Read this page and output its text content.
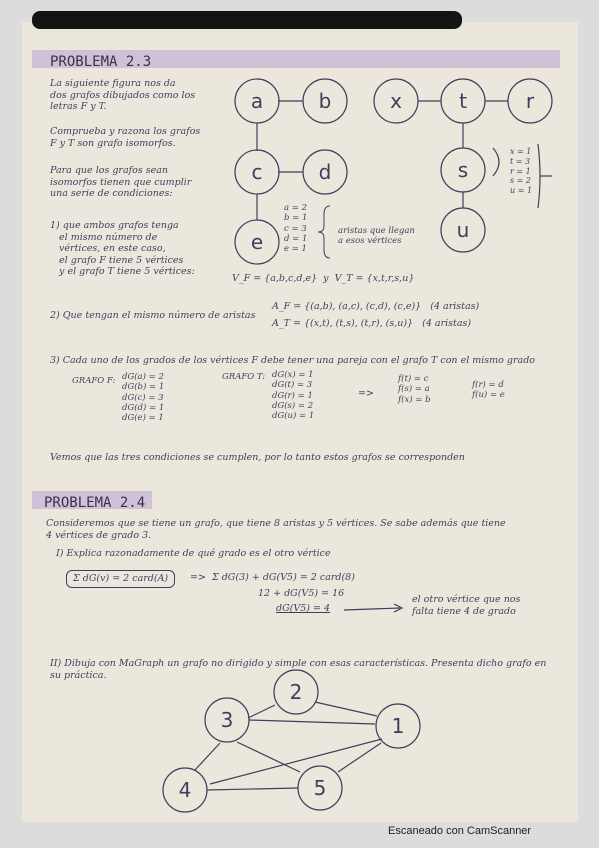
PROBLEMA 2.3
La siguiente figura nos da
dos grafos dibujados como los
letras F y T.
Comprueba y razona los grafos
F y T son grafo isomorfos.
Para que los grafos sean
isomorfos tienen que cumplir
una serie de condiciones:
1) que ambos grafos tenga
el mismo número de
vértices, en este caso,
el grafo F tiene 5 vértices
y el grafo T tiene 5 vértices:
V_F = {a,b,c,d,e}  y  V_T = {x,t,r,s,u}
a = 2
b = 1
c = 3
d = 1
e = 1
aristas que llegan
a esos vértices
x = 1
t = 3
r = 1
s = 2
u = 1
a	b
c	d
e
x	t	r
s
u
2) Que tengan el mismo número de aristas
A_F = {(a,b), (a,c), (c,d), (c,e)}   (4 aristas)
A_T = {(x,t), (t,s), (t,r), (s,u)}   (4 aristas)
3) Cada uno de los grados de los vértices F debe tener una pareja con el grafo T con el mismo grado
GRAFO F: dG(a) = 2
dG(b) = 1
dG(c) = 3
dG(d) = 1
dG(e) = 1
GRAFO T: dG(x) = 1
dG(t) = 3
dG(r) = 1
dG(s) = 2
dG(u) = 1
=>
f(t) = c
f(s) = a
f(x) = b
f(r) = d
f(u) = e
Vemos que las tres condiciones se cumplen, por lo tanto estos grafos se corresponden
PROBLEMA 2.4
Consideremos que se tiene un grafo, que tiene 8 aristas y 5 vértices. Se sabe además que tiene
4 vértices de grado 3.
I) Explica razonadamente de qué grado es el otro vértice
Σ dG(v) = 2 card(A)	=>  Σ dG(3) + dG(V5) = 2 card(8)
12 + dG(V5) = 16
dG(V5) = 4
el otro vértice que nos
falta tiene 4 de grado
II) Dibuja con MaGraph un grafo no dirigido y simple con esas características. Presenta dicho grafo en
su práctica.
1
2
3
4	5
Escaneado con CamScanner
